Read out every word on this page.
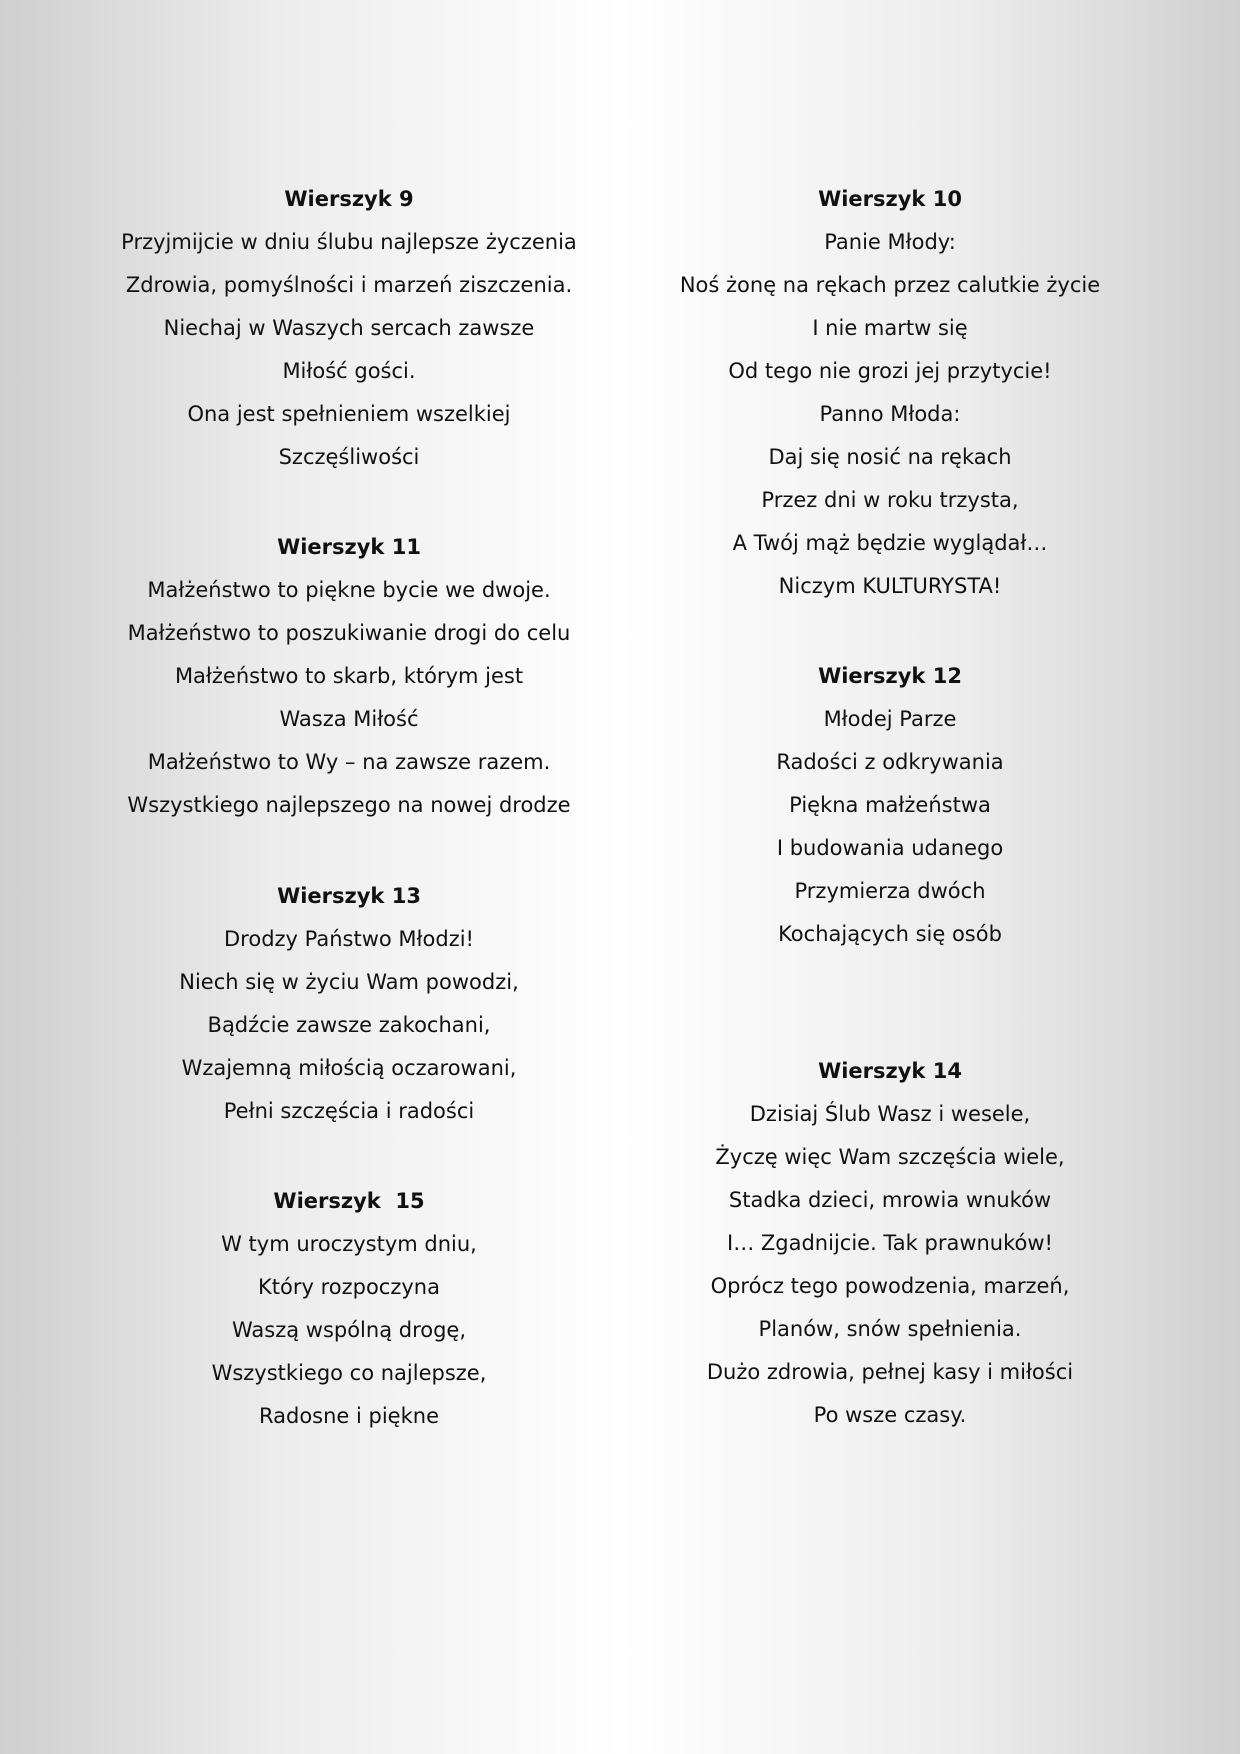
Wierszyk 9
Przyjmijcie w dniu ślubu najlepsze życzenia
Zdrowia, pomyślności i marzeń ziszczenia.
Niechaj w Waszych sercach zawsze
Miłość gości.
Ona jest spełnieniem wszelkiej
Szczęśliwości
Wierszyk 11
Małżeństwo to piękne bycie we dwoje.
Małżeństwo to poszukiwanie drogi do celu
Małżeństwo to skarb, którym jest
Wasza Miłość
Małżeństwo to Wy – na zawsze razem.
Wszystkiego najlepszego na nowej drodze
Wierszyk 13
Drodzy Państwo Młodzi!
Niech się w życiu Wam powodzi,
Bądźcie zawsze zakochani,
Wzajemną miłością oczarowani,
Pełni szczęścia i radości
Wierszyk  15
W tym uroczystym dniu,
Który rozpoczyna
Waszą wspólną drogę,
Wszystkiego co najlepsze,
Radosne i piękne
Wierszyk 10
Panie Młody:
Noś żonę na rękach przez calutkie życie
I nie martw się
Od tego nie grozi jej przytycie!
Panno Młoda:
Daj się nosić na rękach
Przez dni w roku trzysta,
A Twój mąż będzie wyglądał…
Niczym KULTURYSTA!
Wierszyk 12
Młodej Parze
Radości z odkrywania
Piękna małżeństwa
I budowania udanego
Przymierza dwóch
Kochających się osób
Wierszyk 14
Dzisiaj Ślub Wasz i wesele,
Życzę więc Wam szczęścia wiele,
Stadka dzieci, mrowia wnuków
I… Zgadnijcie. Tak prawnuków!
Oprócz tego powodzenia, marzeń,
Planów, snów spełnienia.
Dużo zdrowia, pełnej kasy i miłości
Po wsze czasy.
